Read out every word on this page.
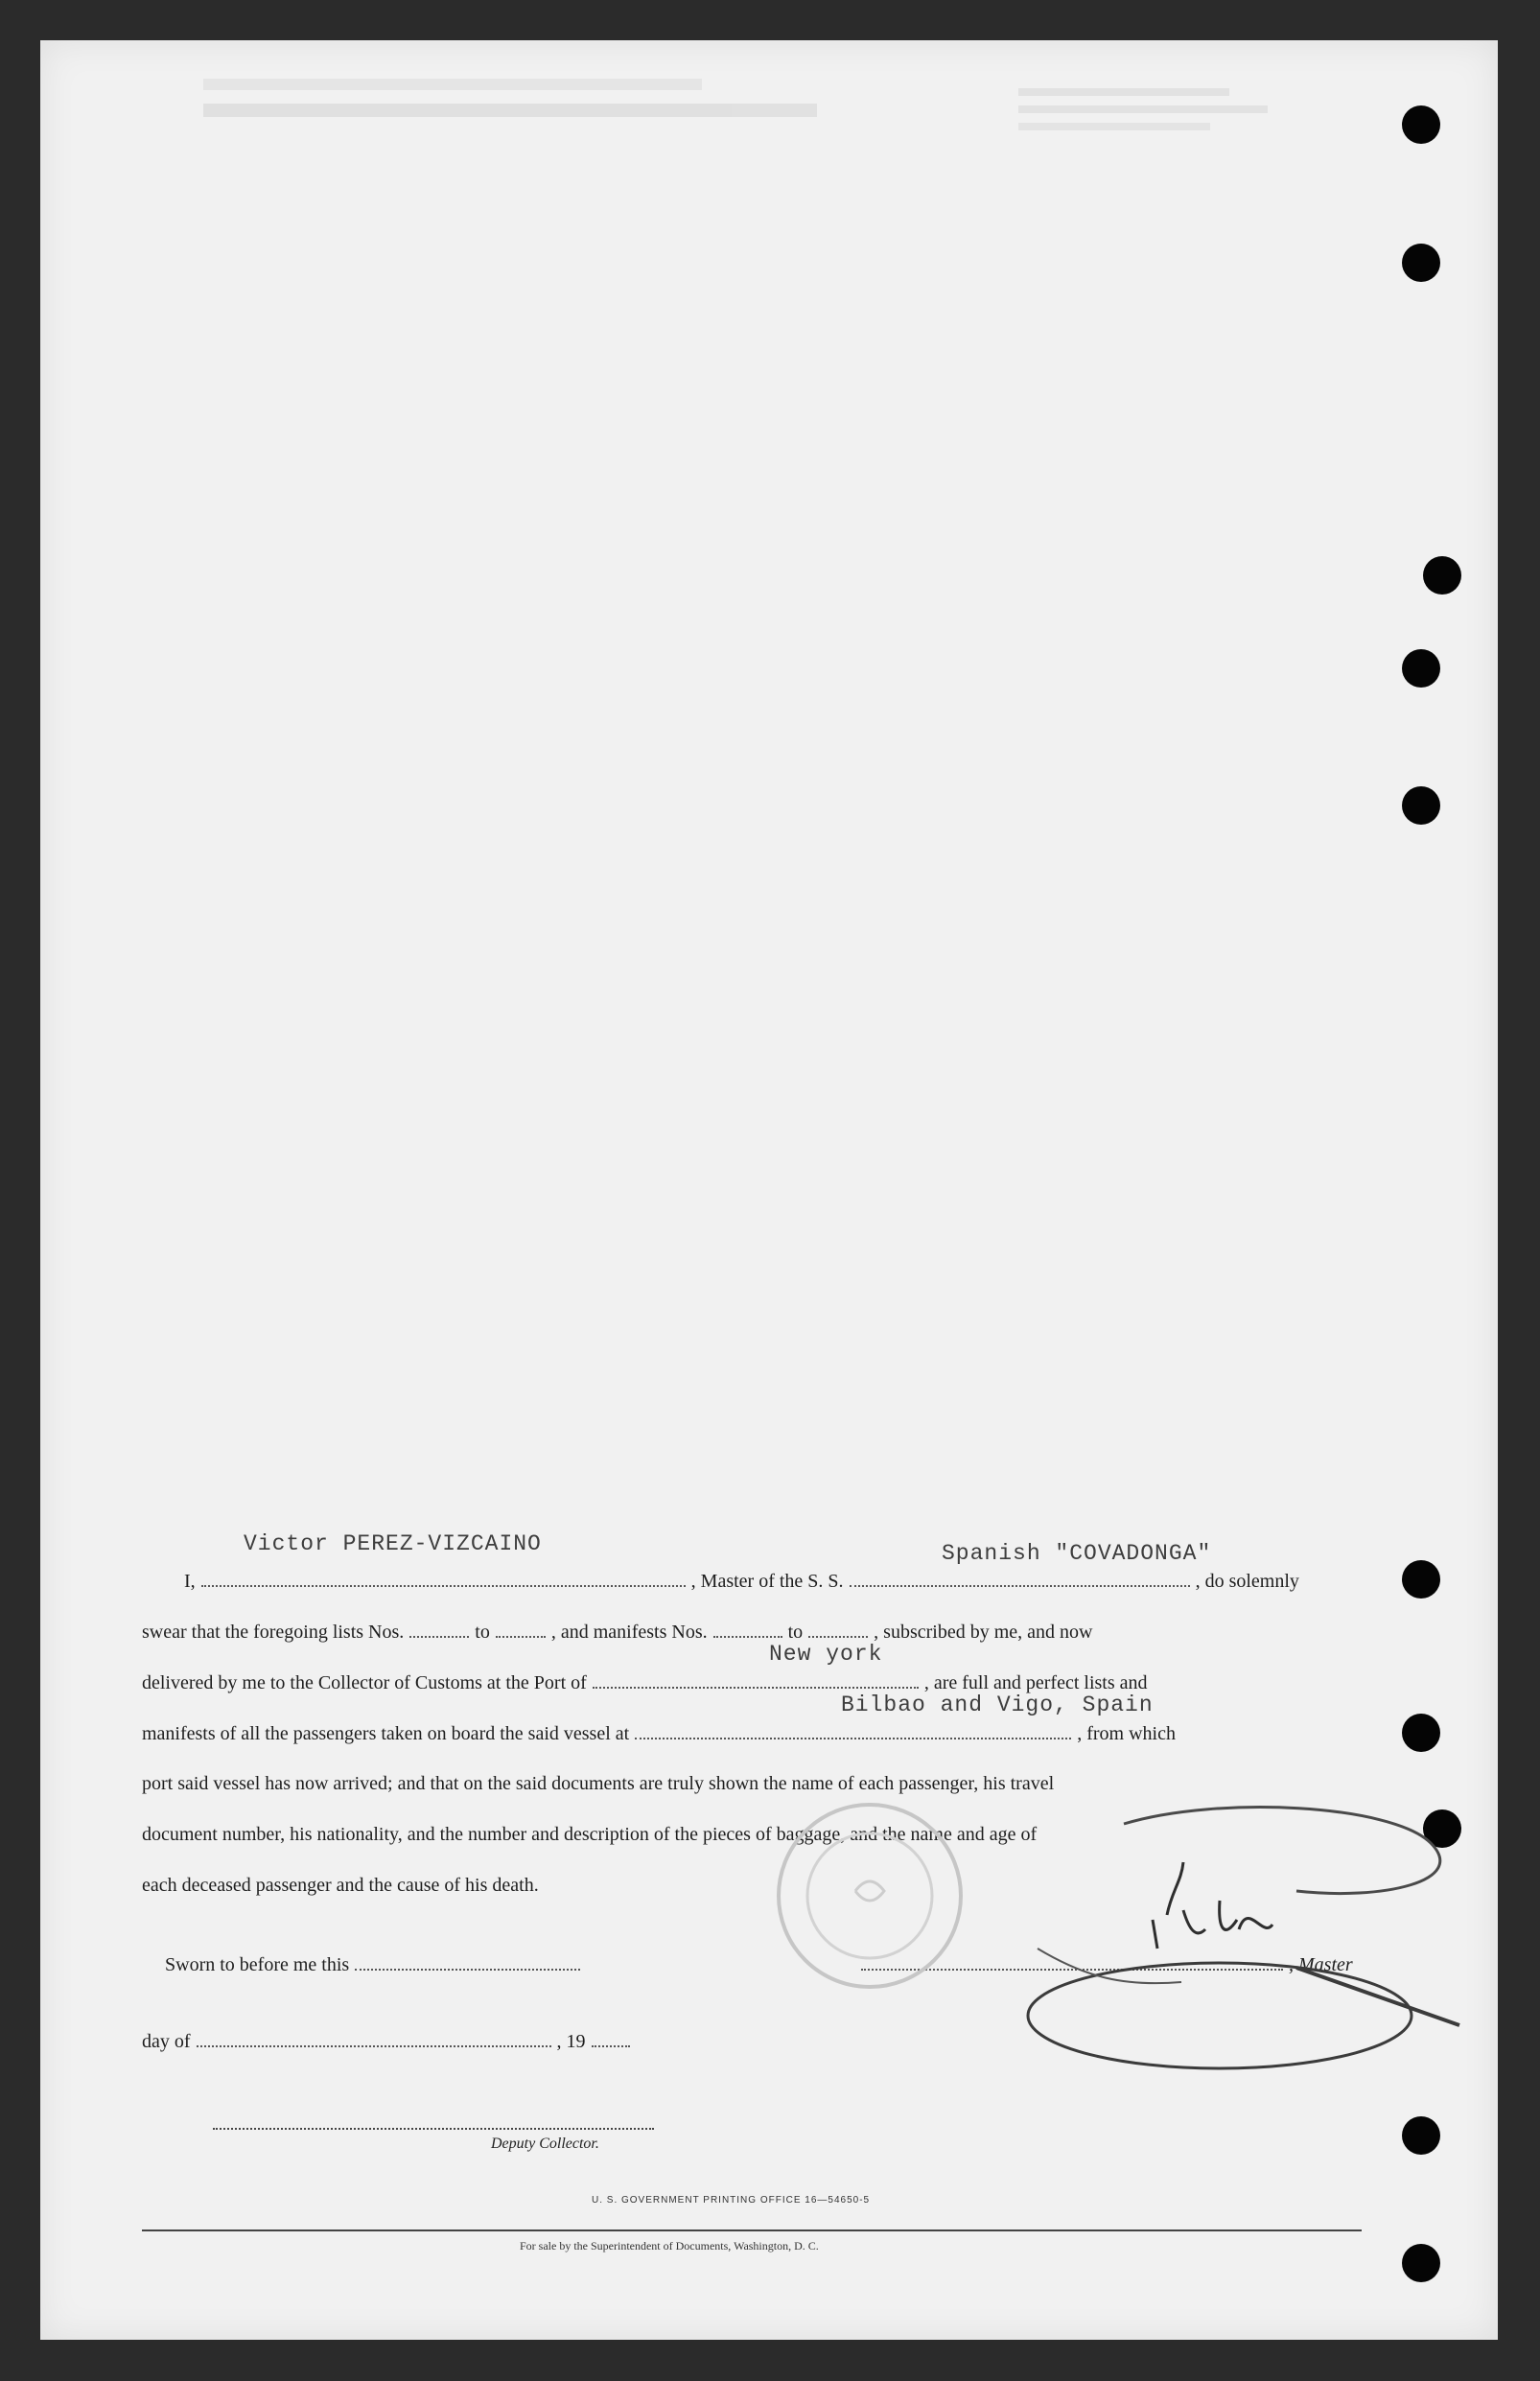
Victor PEREZ-VIZCAINO	Spanish "COVADONGA"
New york
Bilbao and Vigo, Spain
I,	, Master of the S. S.	, do solemnly
swear that the foregoing lists Nos.	to	, and manifests Nos.	to	, subscribed by me, and now
delivered by me to the Collector of Customs at the Port of	, are full and perfect lists and
manifests of all the passengers taken on board the said vessel at	, from which
port said vessel has now arrived; and that on the said documents are truly shown the name of each passenger, his travel
document number, his nationality, and the number and description of the pieces of baggage, and the name and age of
each deceased passenger and the cause of his death.
Sworn to before me this	, Master
day of	, 19
Deputy Collector.
U. S. GOVERNMENT PRINTING OFFICE 16—54650-5
For sale by the Superintendent of Documents, Washington, D. C.
